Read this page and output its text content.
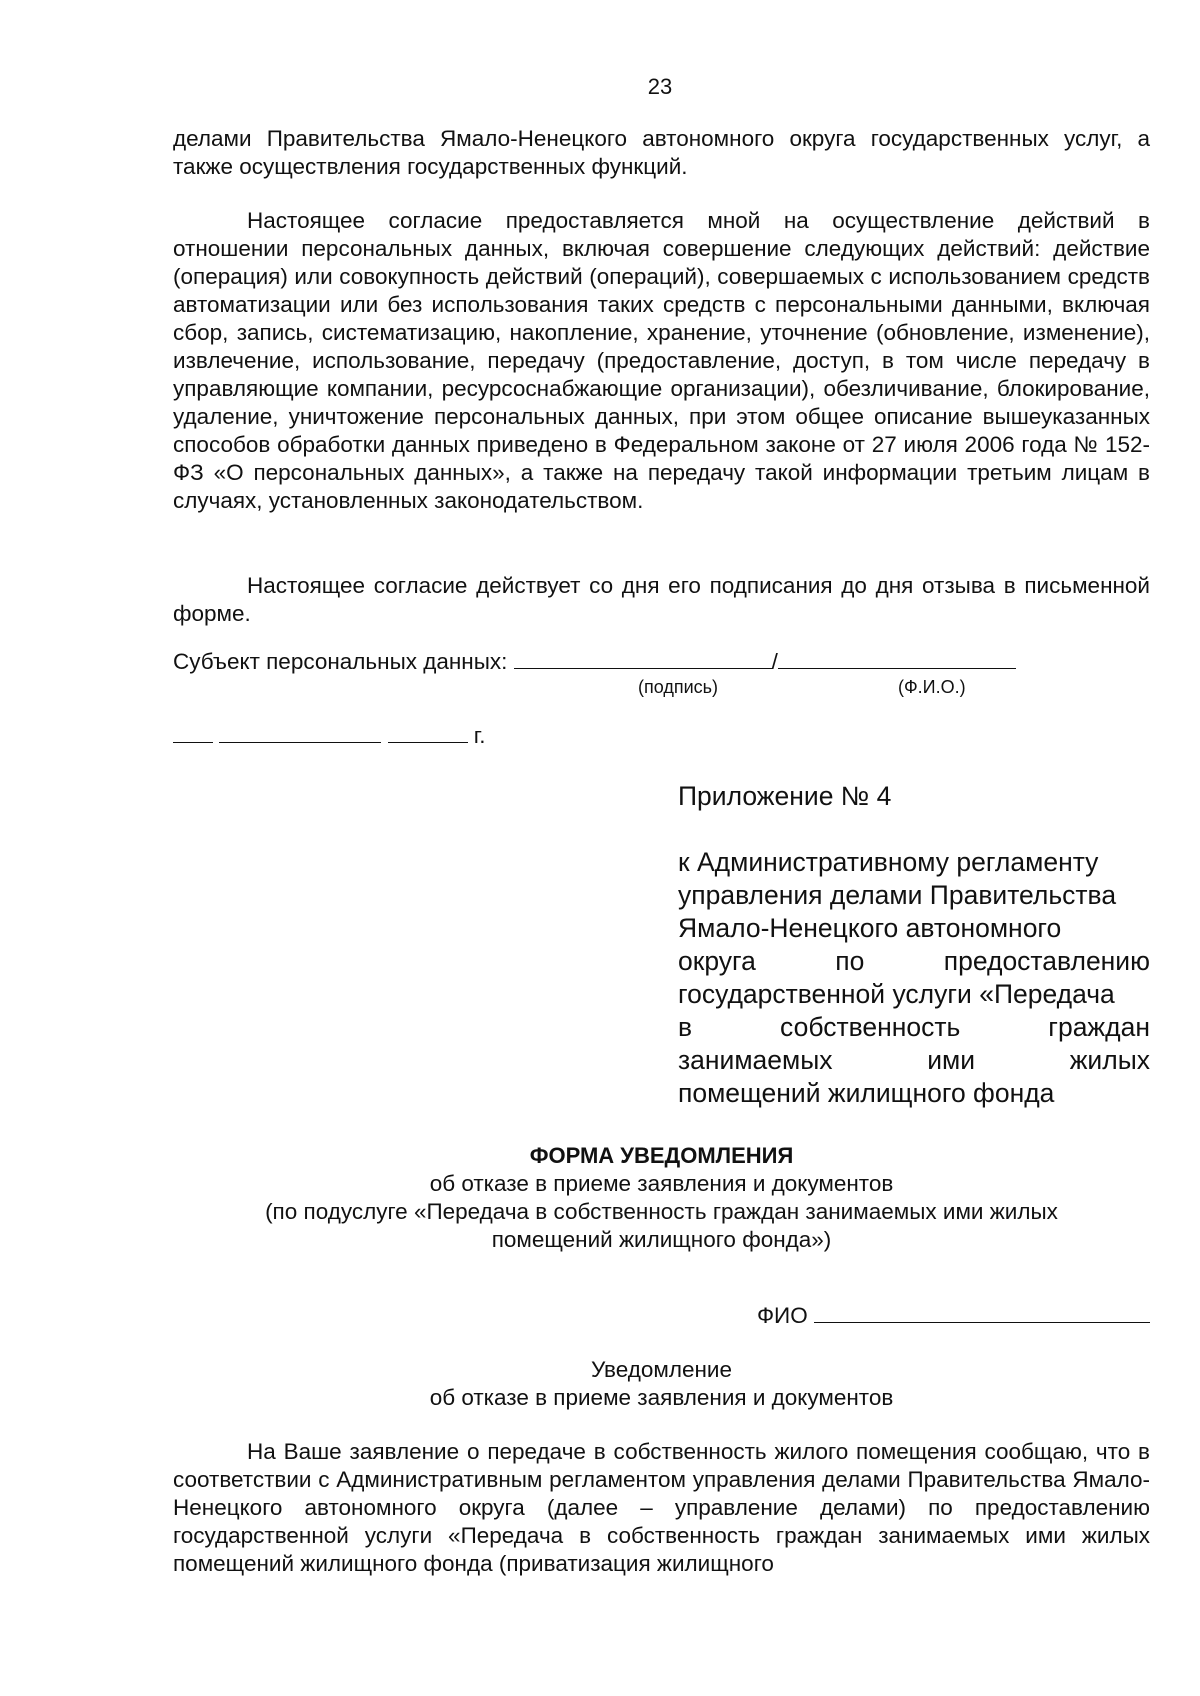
23

делами Правительства Ямало-Ненецкого автономного округа государственных услуг, а также осуществления государственных функций.

Настоящее согласие предоставляется мной на осуществление действий в отношении персональных данных, включая совершение следующих действий: действие (операция) или совокупность действий (операций), совершаемых с использованием средств автоматизации или без использования таких средств с персональными данными, включая сбор, запись, систематизацию, накопление, хранение, уточнение (обновление, изменение), извлечение, использование, передачу (предоставление, доступ, в том числе передачу в управляющие компании, ресурсоснабжающие организации), обезличивание, блокирование, удаление, уничтожение персональных данных, при этом общее описание вышеуказанных способов обработки данных приведено в Федеральном законе от 27 июля 2006 года № 152-ФЗ «О персональных данных», а также на передачу такой информации третьим лицам в случаях, установленных законодательством.

Настоящее согласие действует со дня его подписания до дня отзыва в письменной форме.

Субъект персональных данных:	/
(подпись)	(Ф.И.О.)
г.
Приложение № 4
к Административному регламенту
управления делами Правительства
Ямало-Ненецкого автономного
округа по предоставлению
государственной услуги «Передача
в собственность граждан
занимаемых ими жилых
помещений жилищного фонда
ФОРМА УВЕДОМЛЕНИЯ
об отказе в приеме заявления и документов
(по подуслуге «Передача в собственность граждан занимаемых ими жилых
помещений жилищного фонда»)
ФИО
Уведомление
об отказе в приеме заявления и документов

На Ваше заявление о передаче в собственность жилого помещения сообщаю, что в соответствии с Административным регламентом управления делами Правительства Ямало-Ненецкого автономного округа (далее – управление делами) по предоставлению государственной услуги «Передача в собственность граждан занимаемых ими жилых помещений жилищного фонда (приватизация жилищного
